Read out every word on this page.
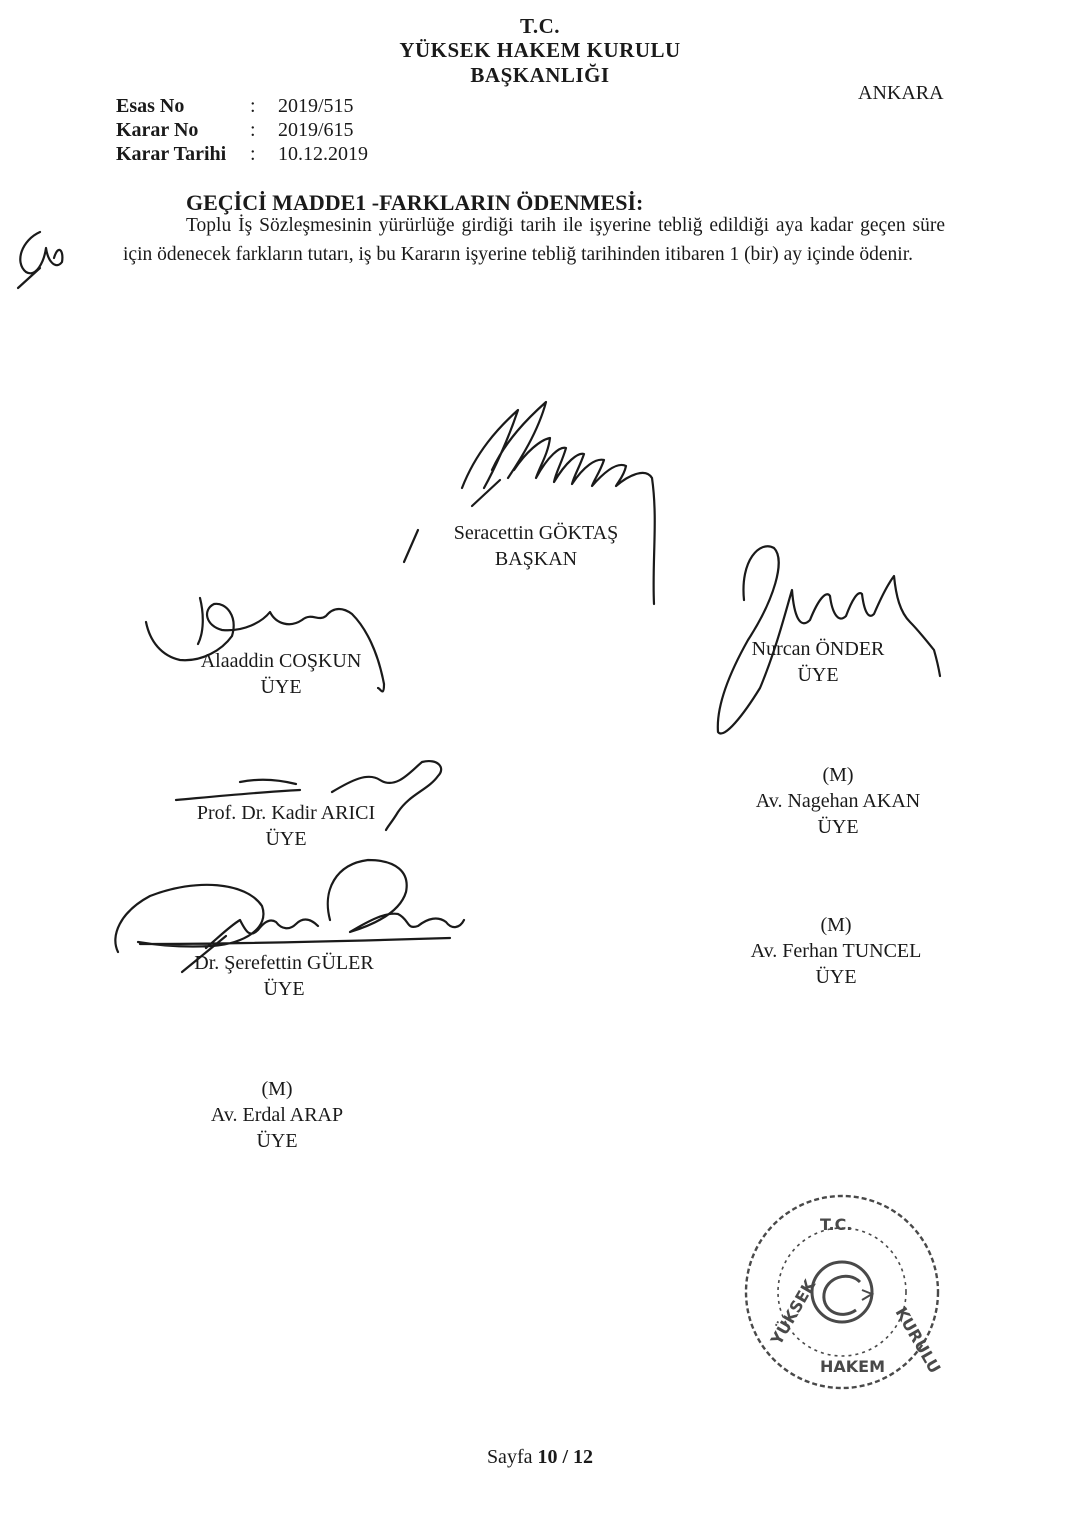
T.C.
YÜKSEK HAKEM KURULU
BAŞKANLIĞI
ANKARA
Esas No	: 2019/515
Karar No	: 2019/615
Karar Tarihi : 10.12.2019
GEÇİCİ MADDE1 -FARKLARIN ÖDENMESİ:
Toplu İş Sözleşmesinin yürürlüğe girdiği tarih ile işyerine tebliğ edildiği aya kadar geçen süre için ödenecek farkların tutarı, iş bu Kararın işyerine tebliğ tarihinden itibaren 1 (bir) ay içinde ödenir.
Seracettin GÖKTAŞ
BAŞKAN
Alaaddin COŞKUN
ÜYE
Nurcan ÖNDER
ÜYE
Prof. Dr. Kadir ARICI
ÜYE
(M)
Av. Nagehan AKAN
ÜYE
Dr. Şerefettin GÜLER
ÜYE
(M)
Av. Ferhan TUNCEL
ÜYE
(M)
Av. Erdal ARAP
ÜYE
T.C.
YÜKSEK
HAKEM KURULU
Sayfa 10 / 12
